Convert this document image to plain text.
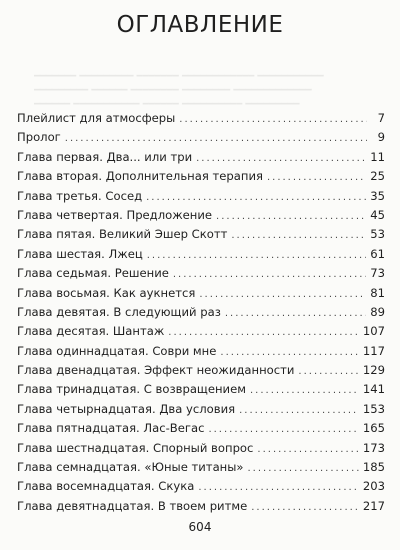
━━━━━━━ ━━━━━━━━━ ━━━━━━━ ━━━━━━━━━━━━ ━━━━━━━━━━━
━━━━━━━━━ ━━━━━━ ━━━━━━━━ ━━━━━━━━ ━━━━━━━━━━━━━
━━━━━━ ━━━━━━━━━━━ ━━━━━━ ━━━━━━━━━━ ━━━━━━━━━
ОГЛАВЛЕНИЕ
Плейлист для атмосферы .....	7
Пролог .....	9
Глава первая. Два... или три .....	11
Глава вторая. Дополнительная терапия .....	25
Глава третья. Сосед .....	35
Глава четвертая. Предложение .....	45
Глава пятая. Великий Эшер Скотт .....	53
Глава шестая. Лжец .....	61
Глава седьмая. Решение .....	73
Глава восьмая. Как аукнется .....	81
Глава девятая. В следующий раз .....	89
Глава десятая. Шантаж .....	107
Глава одиннадцатая. Соври мне .....	117
Глава двенадцатая. Эффект неожиданности .....	129
Глава тринадцатая. С возвращением .....	141
Глава четырнадцатая. Два условия .....	153
Глава пятнадцатая. Лас-Вегас .....	165
Глава шестнадцатая. Спорный вопрос .....	173
Глава семнадцатая. «Юные титаны» .....	185
Глава восемнадцатая. Скука .....	203
Глава девятнадцатая. В твоем ритме .....	217
604
